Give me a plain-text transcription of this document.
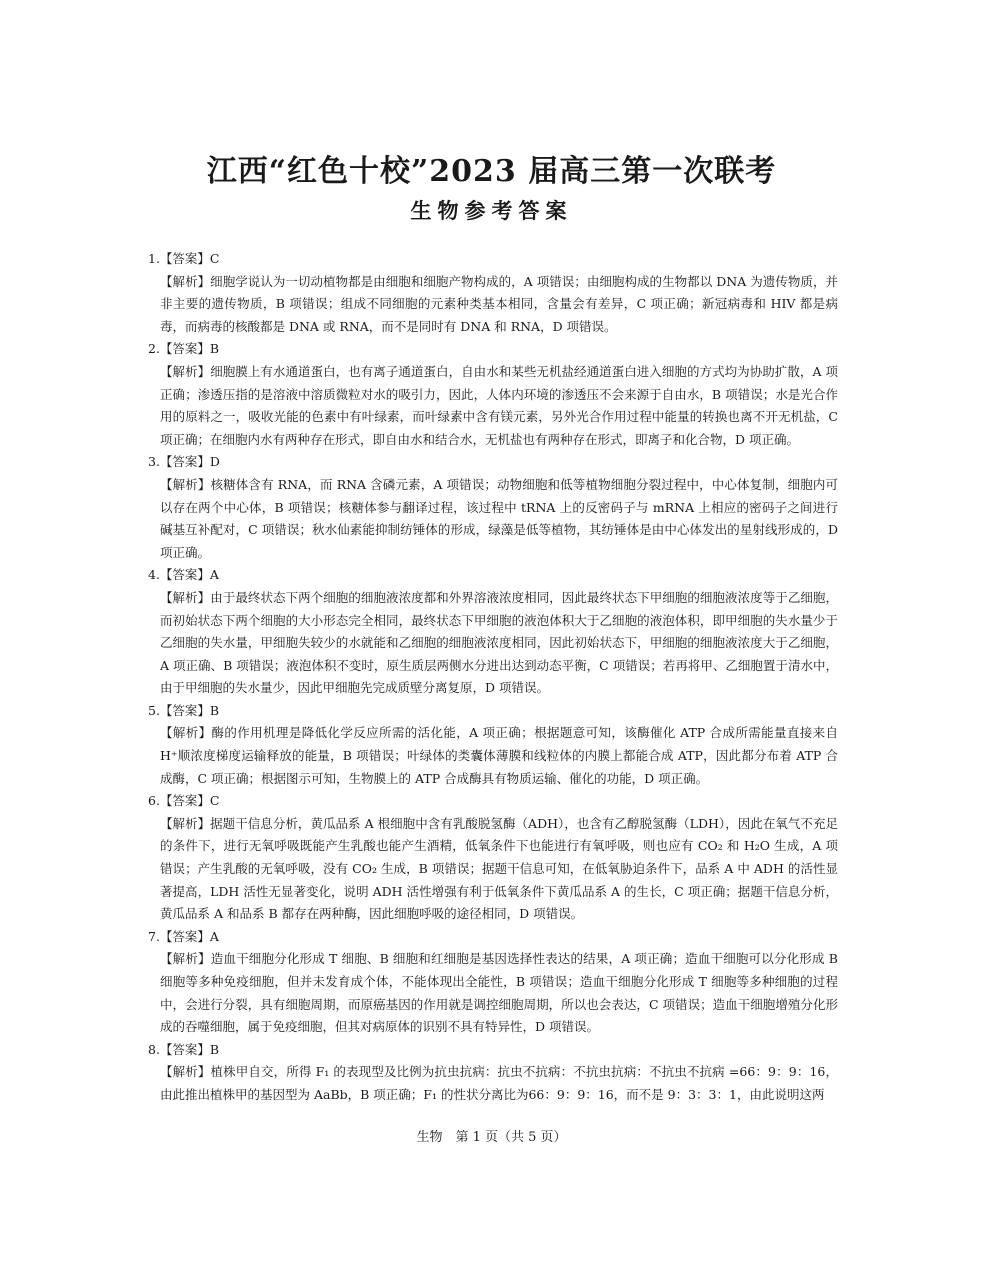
江西“红色十校”2023 届高三第一次联考
生物参考答案
1.【答案】C

【解析】细胞学说认为一切动植物都是由细胞和细胞产物构成的，A 项错误；由细胞构成的生物都以 DNA 为遗传物质，并非主要的遗传物质，B 项错误；组成不同细胞的元素种类基本相同，含量会有差异，C 项正确；新冠病毒和 HIV 都是病毒，而病毒的核酸都是 DNA 或 RNA，而不是同时有 DNA 和 RNA，D 项错误。

2.【答案】B

【解析】细胞膜上有水通道蛋白，也有离子通道蛋白，自由水和某些无机盐经通道蛋白进入细胞的方式均为协助扩散，A 项正确；渗透压指的是溶液中溶质微粒对水的吸引力，因此，人体内环境的渗透压不会来源于自由水，B 项错误；水是光合作用的原料之一，吸收光能的色素中有叶绿素，而叶绿素中含有镁元素，另外光合作用过程中能量的转换也离不开无机盐，C 项正确；在细胞内水有两种存在形式，即自由水和结合水，无机盐也有两种存在形式，即离子和化合物，D 项正确。

3.【答案】D

【解析】核糖体含有 RNA，而 RNA 含磷元素，A 项错误；动物细胞和低等植物细胞分裂过程中，中心体复制，细胞内可以存在两个中心体，B 项错误；核糖体参与翻译过程，该过程中 tRNA 上的反密码子与 mRNA 上相应的密码子之间进行碱基互补配对，C 项错误；秋水仙素能抑制纺锤体的形成，绿藻是低等植物，其纺锤体是由中心体发出的星射线形成的，D 项正确。

4.【答案】A

【解析】由于最终状态下两个细胞的细胞液浓度都和外界溶液浓度相同，因此最终状态下甲细胞的细胞液浓度等于乙细胞，而初始状态下两个细胞的大小形态完全相同，最终状态下甲细胞的液泡体积大于乙细胞的液泡体积，即甲细胞的失水量少于乙细胞的失水量，甲细胞失较少的水就能和乙细胞的细胞液浓度相同，因此初始状态下，甲细胞的细胞液浓度大于乙细胞，A 项正确、B 项错误；液泡体积不变时，原生质层两侧水分进出达到动态平衡，C 项错误；若再将甲、乙细胞置于清水中，由于甲细胞的失水量少，因此甲细胞先完成质壁分离复原，D 项错误。

5.【答案】B

【解析】酶的作用机理是降低化学反应所需的活化能，A 项正确；根据题意可知，该酶催化 ATP 合成所需能量直接来自 H⁺顺浓度梯度运输释放的能量，B 项错误；叶绿体的类囊体薄膜和线粒体的内膜上都能合成 ATP，因此都分布着 ATP 合成酶，C 项正确；根据图示可知，生物膜上的 ATP 合成酶具有物质运输、催化的功能，D 项正确。

6.【答案】C

【解析】据题干信息分析，黄瓜品系 A 根细胞中含有乳酸脱氢酶（ADH），也含有乙醇脱氢酶（LDH），因此在氧气不充足的条件下，进行无氧呼吸既能产生乳酸也能产生酒精，低氧条件下也能进行有氧呼吸，则也应有 CO₂ 和 H₂O 生成，A 项错误；产生乳酸的无氧呼吸，没有 CO₂ 生成，B 项错误；据题干信息可知，在低氧胁迫条件下，品系 A 中 ADH 的活性显著提高，LDH 活性无显著变化，说明 ADH 活性增强有利于低氧条件下黄瓜品系 A 的生长，C 项正确；据题干信息分析，黄瓜品系 A 和品系 B 都存在两种酶，因此细胞呼吸的途径相同，D 项错误。

7.【答案】A

【解析】造血干细胞分化形成 T 细胞、B 细胞和红细胞是基因选择性表达的结果，A 项正确；造血干细胞可以分化形成 B 细胞等多种免疫细胞，但并未发育成个体，不能体现出全能性，B 项错误；造血干细胞分化形成 T 细胞等多种细胞的过程中，会进行分裂，具有细胞周期，而原癌基因的作用就是调控细胞周期，所以也会表达，C 项错误；造血干细胞增殖分化形成的吞噬细胞，属于免疫细胞，但其对病原体的识别不具有特异性，D 项错误。

8.【答案】B

【解析】植株甲自交，所得 F₁ 的表现型及比例为抗虫抗病：抗虫不抗病：不抗虫抗病：不抗虫不抗病 =66：9：9：16，由此推出植株甲的基因型为 AaBb，B 项正确；F₁ 的性状分离比为66：9：9：16，而不是 9：3：3：1，由此说明这两

生物　第 1 页（共 5 页）
